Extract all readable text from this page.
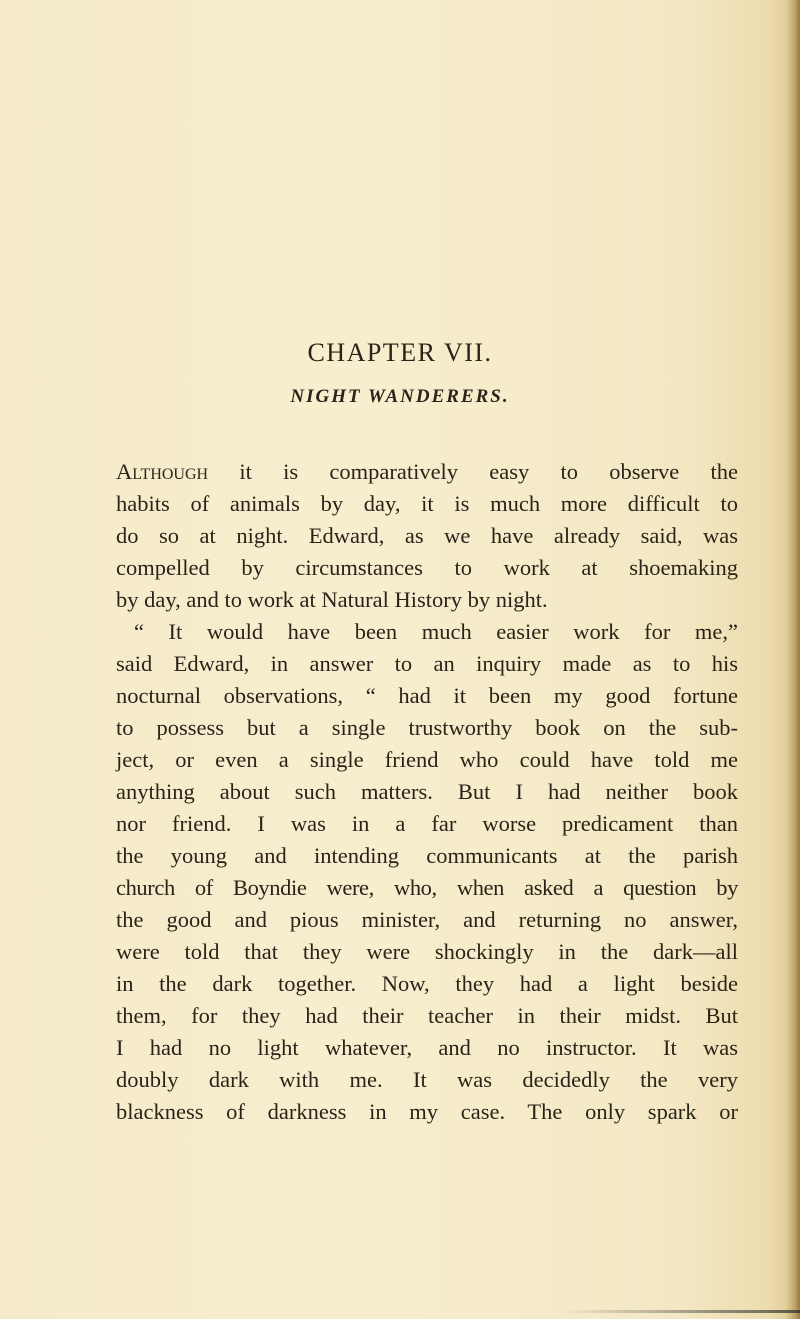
CHAPTER VII.
NIGHT WANDERERS.
Although it is comparatively easy to observe the
habits of animals by day, it is much more difficult to
do so at night. Edward, as we have already said, was
compelled by circumstances to work at shoemaking
by day, and to work at Natural History by night.
“ It would have been much easier work for me,”
said Edward, in answer to an inquiry made as to his
nocturnal observations, “ had it been my good fortune
to possess but a single trustworthy book on the sub-
ject, or even a single friend who could have told me
anything about such matters. But I had neither book
nor friend. I was in a far worse predicament than
the young and intending communicants at the parish
church of Boyndie were, who, when asked a question by
the good and pious minister, and returning no answer,
were told that they were shockingly in the dark—all
in the dark together. Now, they had a light beside
them, for they had their teacher in their midst. But
I had no light whatever, and no instructor. It was
doubly dark with me. It was decidedly the very
blackness of darkness in my case. The only spark or
